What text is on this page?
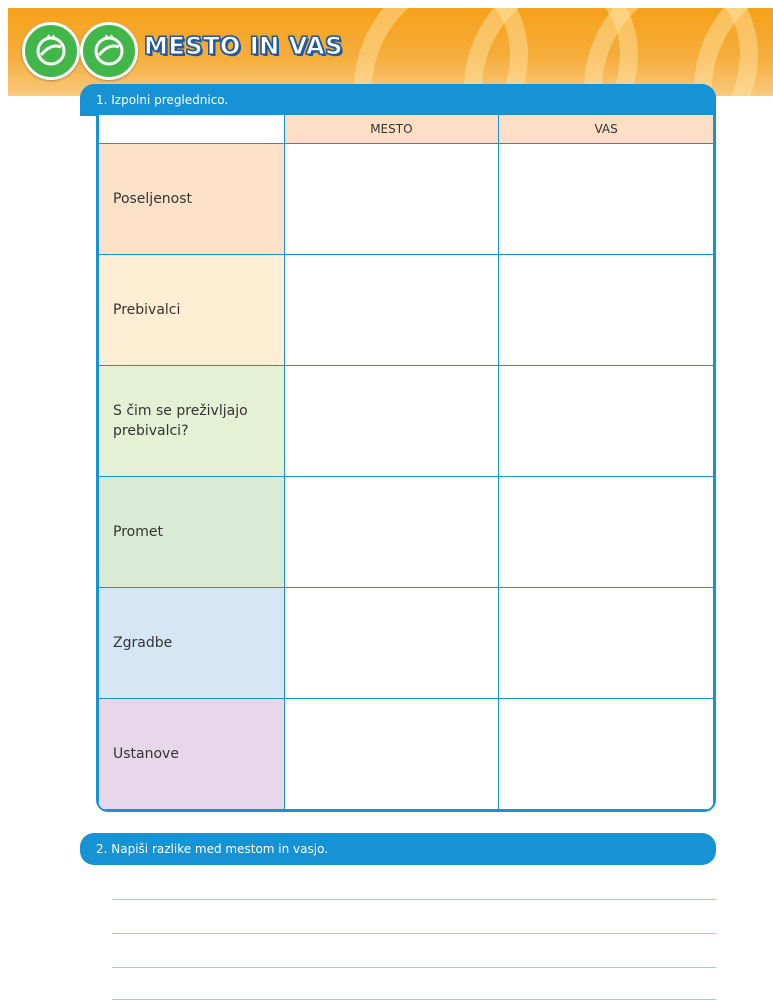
MESTO IN VAS
1. Izpolni preglednico.
	MESTO	VAS
Poseljenost		
Prebivalci		
S čim se preživljajo prebivalci?		
Promet		
Zgradbe		
Ustanove		
2. Napiši razlike med mestom in vasjo.
